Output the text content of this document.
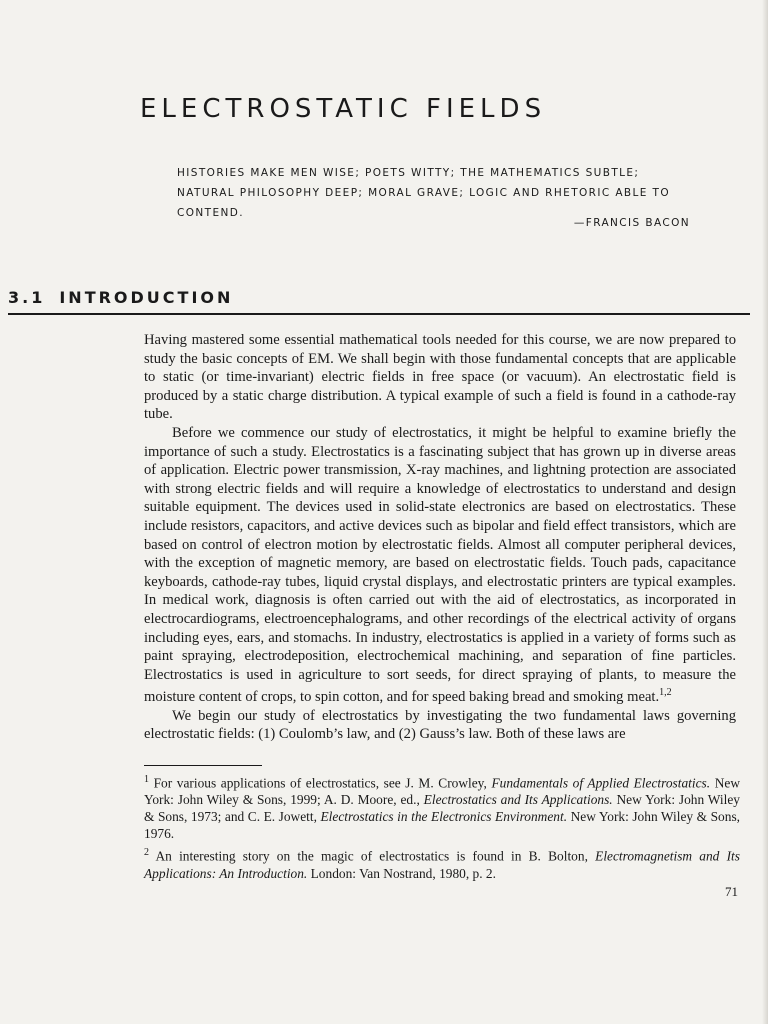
ELECTROSTATIC FIELDS
HISTORIES MAKE MEN WISE; POETS WITTY; THE MATHEMATICS SUBTLE; NATURAL PHILOSOPHY DEEP; MORAL GRAVE; LOGIC AND RHETORIC ABLE TO CONTEND.
—FRANCIS BACON
3.1 INTRODUCTION

Having mastered some essential mathematical tools needed for this course, we are now prepared to study the basic concepts of EM. We shall begin with those fundamental concepts that are applicable to static (or time-invariant) electric fields in free space (or vacuum). An electrostatic field is produced by a static charge distribution. A typical example of such a field is found in a cathode-ray tube.

Before we commence our study of electrostatics, it might be helpful to examine briefly the importance of such a study. Electrostatics is a fascinating subject that has grown up in diverse areas of application. Electric power transmission, X-ray machines, and lightning protection are associated with strong electric fields and will require a knowledge of electrostatics to understand and design suitable equipment. The devices used in solid-state electronics are based on electrostatics. These include resistors, capacitors, and active devices such as bipolar and field effect transistors, which are based on control of electron motion by electrostatic fields. Almost all computer peripheral devices, with the exception of magnetic memory, are based on electrostatic fields. Touch pads, capacitance keyboards, cathode-ray tubes, liquid crystal displays, and electrostatic printers are typical examples. In medical work, diagnosis is often carried out with the aid of electrostatics, as incorporated in electrocardiograms, electroencephalograms, and other recordings of the electrical activity of organs including eyes, ears, and stomachs. In industry, electrostatics is applied in a variety of forms such as paint spraying, electrodeposition, electrochemical machining, and separation of fine particles. Electrostatics is used in agriculture to sort seeds, for direct spraying of plants, to measure the moisture content of crops, to spin cotton, and for speed baking bread and smoking meat.$^{1,2}$

We begin our study of electrostatics by investigating the two fundamental laws governing electrostatic fields: (1) Coulomb’s law, and (2) Gauss’s law. Both of these laws are

$^1$ For various applications of electrostatics, see J. M. Crowley, Fundamentals of Applied Electrostatics. New York: John Wiley & Sons, 1999; A. D. Moore, ed., Electrostatics and Its Applications. New York: John Wiley & Sons, 1973; and C. E. Jowett, Electrostatics in the Electronics Environment. New York: John Wiley & Sons, 1976.

$^2$ An interesting story on the magic of electrostatics is found in B. Bolton, Electromagnetism and Its Applications: An Introduction. London: Van Nostrand, 1980, p. 2.

71
